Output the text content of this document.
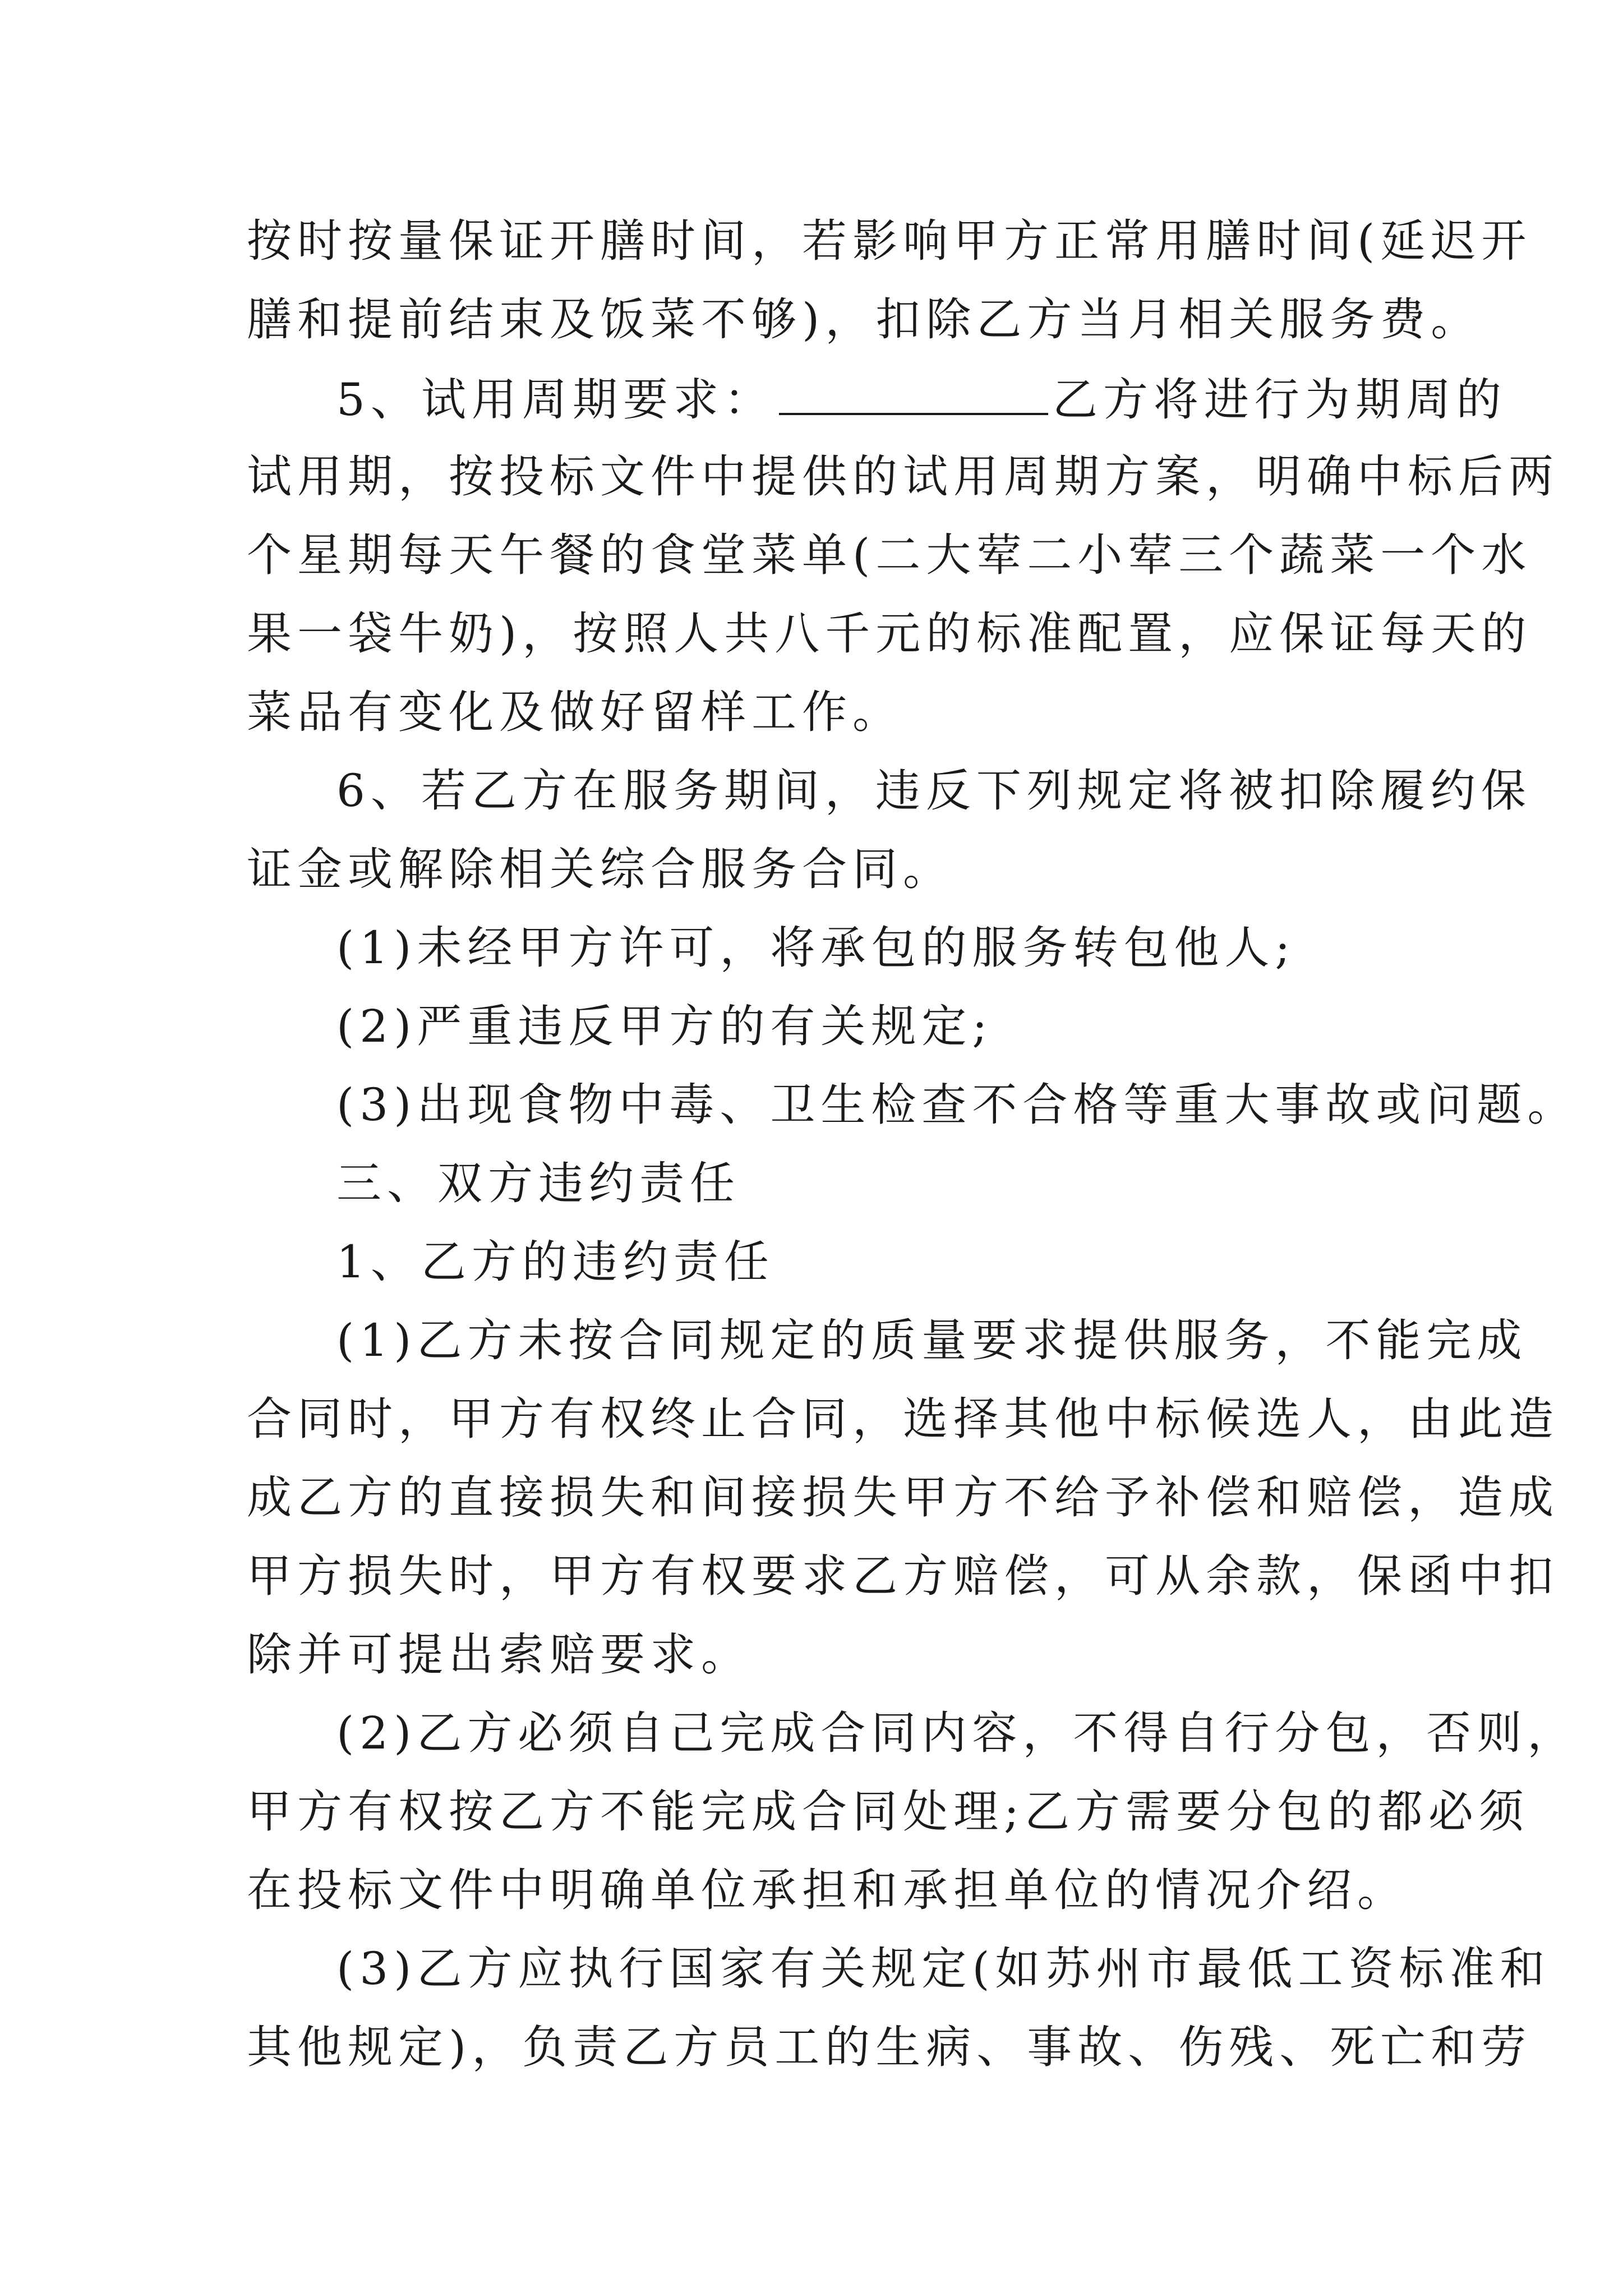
按时按量保证开膳时间，若影响甲方正常用膳时间(延迟开
膳和提前结束及饭菜不够)，扣除乙方当月相关服务费。
5、试用周期要求：	乙方将进行为期周的
试用期，按投标文件中提供的试用周期方案，明确中标后两
个星期每天午餐的食堂菜单(二大荤二小荤三个蔬菜一个水
果一袋牛奶)，按照人共八千元的标准配置，应保证每天的
菜品有变化及做好留样工作。
6、若乙方在服务期间，违反下列规定将被扣除履约保
证金或解除相关综合服务合同。
(1)未经甲方许可，将承包的服务转包他人;
(2)严重违反甲方的有关规定;
(3)出现食物中毒、卫生检查不合格等重大事故或问题。
三、双方违约责任
1、乙方的违约责任
(1)乙方未按合同规定的质量要求提供服务，不能完成
合同时，甲方有权终止合同，选择其他中标候选人，由此造
成乙方的直接损失和间接损失甲方不给予补偿和赔偿，造成
甲方损失时，甲方有权要求乙方赔偿，可从余款，保函中扣
除并可提出索赔要求。
(2)乙方必须自己完成合同内容，不得自行分包，否则，
甲方有权按乙方不能完成合同处理;乙方需要分包的都必须
在投标文件中明确单位承担和承担单位的情况介绍。
(3)乙方应执行国家有关规定(如苏州市最低工资标准和
其他规定)，负责乙方员工的生病、事故、伤残、死亡和劳
